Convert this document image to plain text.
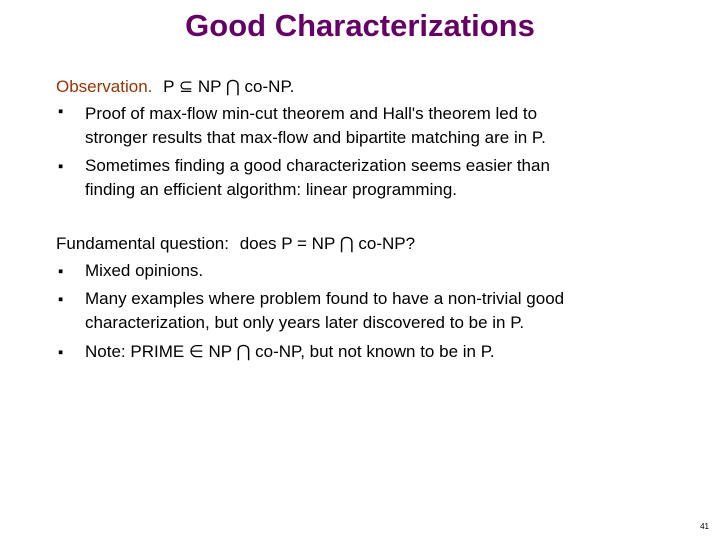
Good Characterizations
Observation. P ⊆ NP ⋂ co-NP.
▪ Proof of max-flow min-cut theorem and Hall's theorem led to
stronger results that max-flow and bipartite matching are in P.
▪ Sometimes finding a good characterization seems easier than
finding an efficient algorithm: linear programming.
Fundamental question: does P = NP ⋂ co-NP?
▪ Mixed opinions.
▪ Many examples where problem found to have a non-trivial good
characterization, but only years later discovered to be in P.
▪ Note: PRIME ∈ NP ⋂ co-NP, but not known to be in P.
41
